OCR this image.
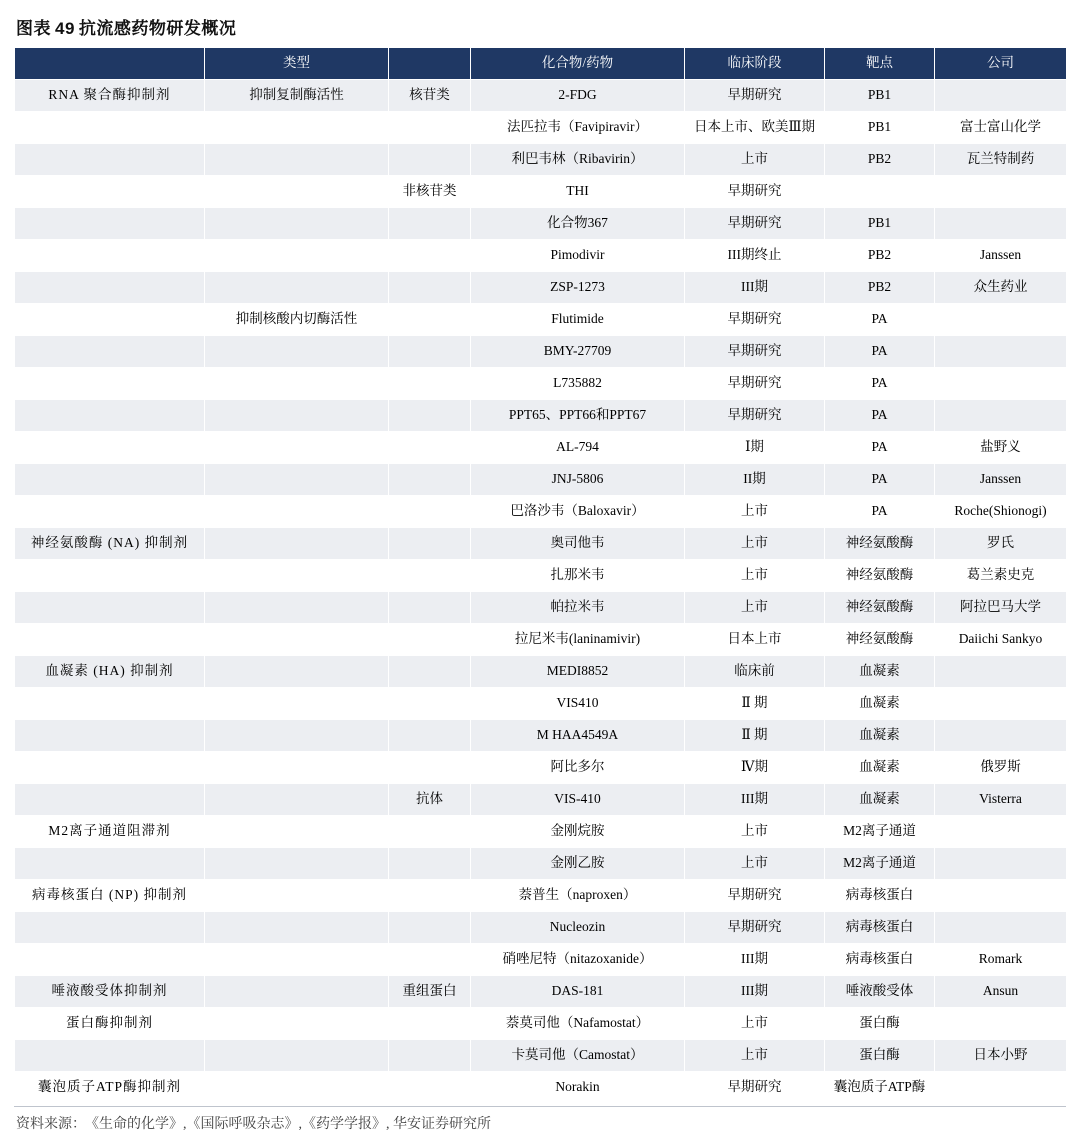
图表 49 抗流感药物研发概况
	类型		化合物/药物	临床阶段	靶点	公司
RNA 聚合酶抑制剂	抑制复制酶活性	核苷类	2-FDG	早期研究	PB1	
			法匹拉韦（Favipiravir）	日本上市、欧美Ⅲ期	PB1	富士富山化学
			利巴韦林（Ribavirin）	上市	PB2	瓦兰特制药
		非核苷类	THI	早期研究		
			化合物367	早期研究	PB1	
			Pimodivir	III期终止	PB2	Janssen
			ZSP-1273	III期	PB2	众生药业
	抑制核酸内切酶活性		Flutimide	早期研究	PA	
			BMY-27709	早期研究	PA	
			L735882	早期研究	PA	
			PPT65、PPT66和PPT67	早期研究	PA	
			AL-794	Ⅰ期	PA	盐野义
			JNJ-5806	II期	PA	Janssen
			巴洛沙韦（Baloxavir）	上市	PA	Roche(Shionogi)
神经氨酸酶 (NA) 抑制剂			奥司他韦	上市	神经氨酸酶	罗氏
			扎那米韦	上市	神经氨酸酶	葛兰素史克
			帕拉米韦	上市	神经氨酸酶	阿拉巴马大学
			拉尼米韦(laninamivir)	日本上市	神经氨酸酶	Daiichi Sankyo
血凝素 (HA) 抑制剂			MEDI8852	临床前	血凝素	
			VIS410	Ⅱ 期	血凝素	
			M HAA4549A	Ⅱ 期	血凝素	
			阿比多尔	Ⅳ期	血凝素	俄罗斯
		抗体	VIS-410	III期	血凝素	Visterra
M2离子通道阻滞剂			金刚烷胺	上市	M2离子通道	
			金刚乙胺	上市	M2离子通道	
病毒核蛋白 (NP) 抑制剂			萘普生（naproxen）	早期研究	病毒核蛋白	
			Nucleozin	早期研究	病毒核蛋白	
			硝唑尼特（nitazoxanide）	III期	病毒核蛋白	Romark
唾液酸受体抑制剂		重组蛋白	DAS-181	III期	唾液酸受体	Ansun
蛋白酶抑制剂			萘莫司他（Nafamostat）	上市	蛋白酶	
			卡莫司他（Camostat）	上市	蛋白酶	日本小野
囊泡质子ATP酶抑制剂			Norakin	早期研究	囊泡质子ATP酶	
资料来源： 《生命的化学》,《国际呼吸杂志》,《药学学报》, 华安证券研究所
